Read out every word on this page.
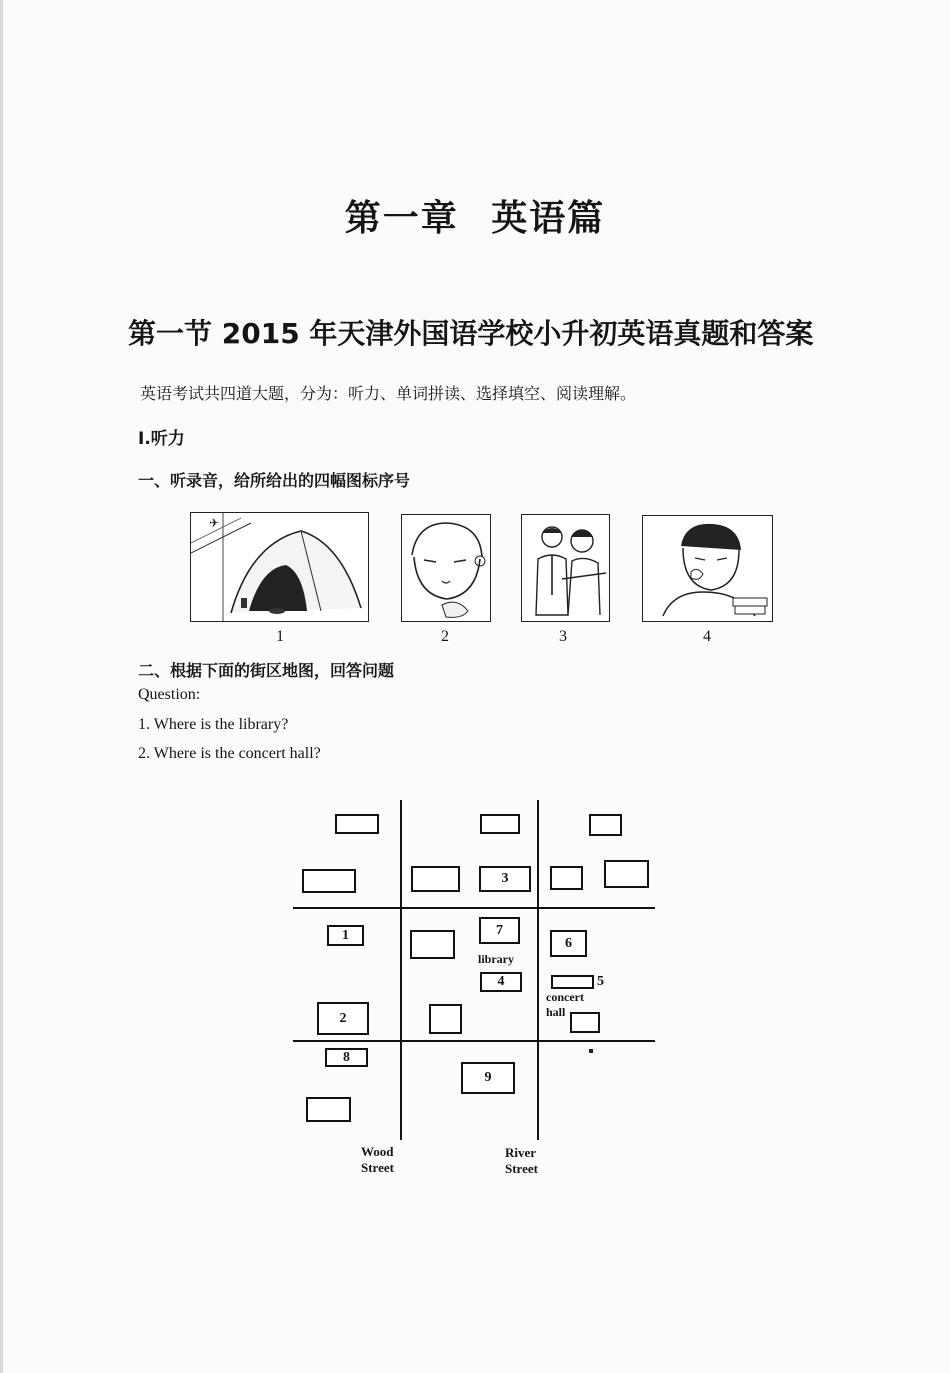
第一章 英语篇
第一节 2015 年天津外国语学校小升初英语真题和答案
英语考试共四道大题，分为：听力、单词拼读、选择填空、阅读理解。
I.听力
一、听录音，给所给出的四幅图标序号
✈
1	2	3	4
二、根据下面的街区地图，回答问题
Question:
1. Where is the library?
2. Where is the concert hall?
3
1	7
library
6
4	5
concert hall
2
8
9
Wood Street
River Street
